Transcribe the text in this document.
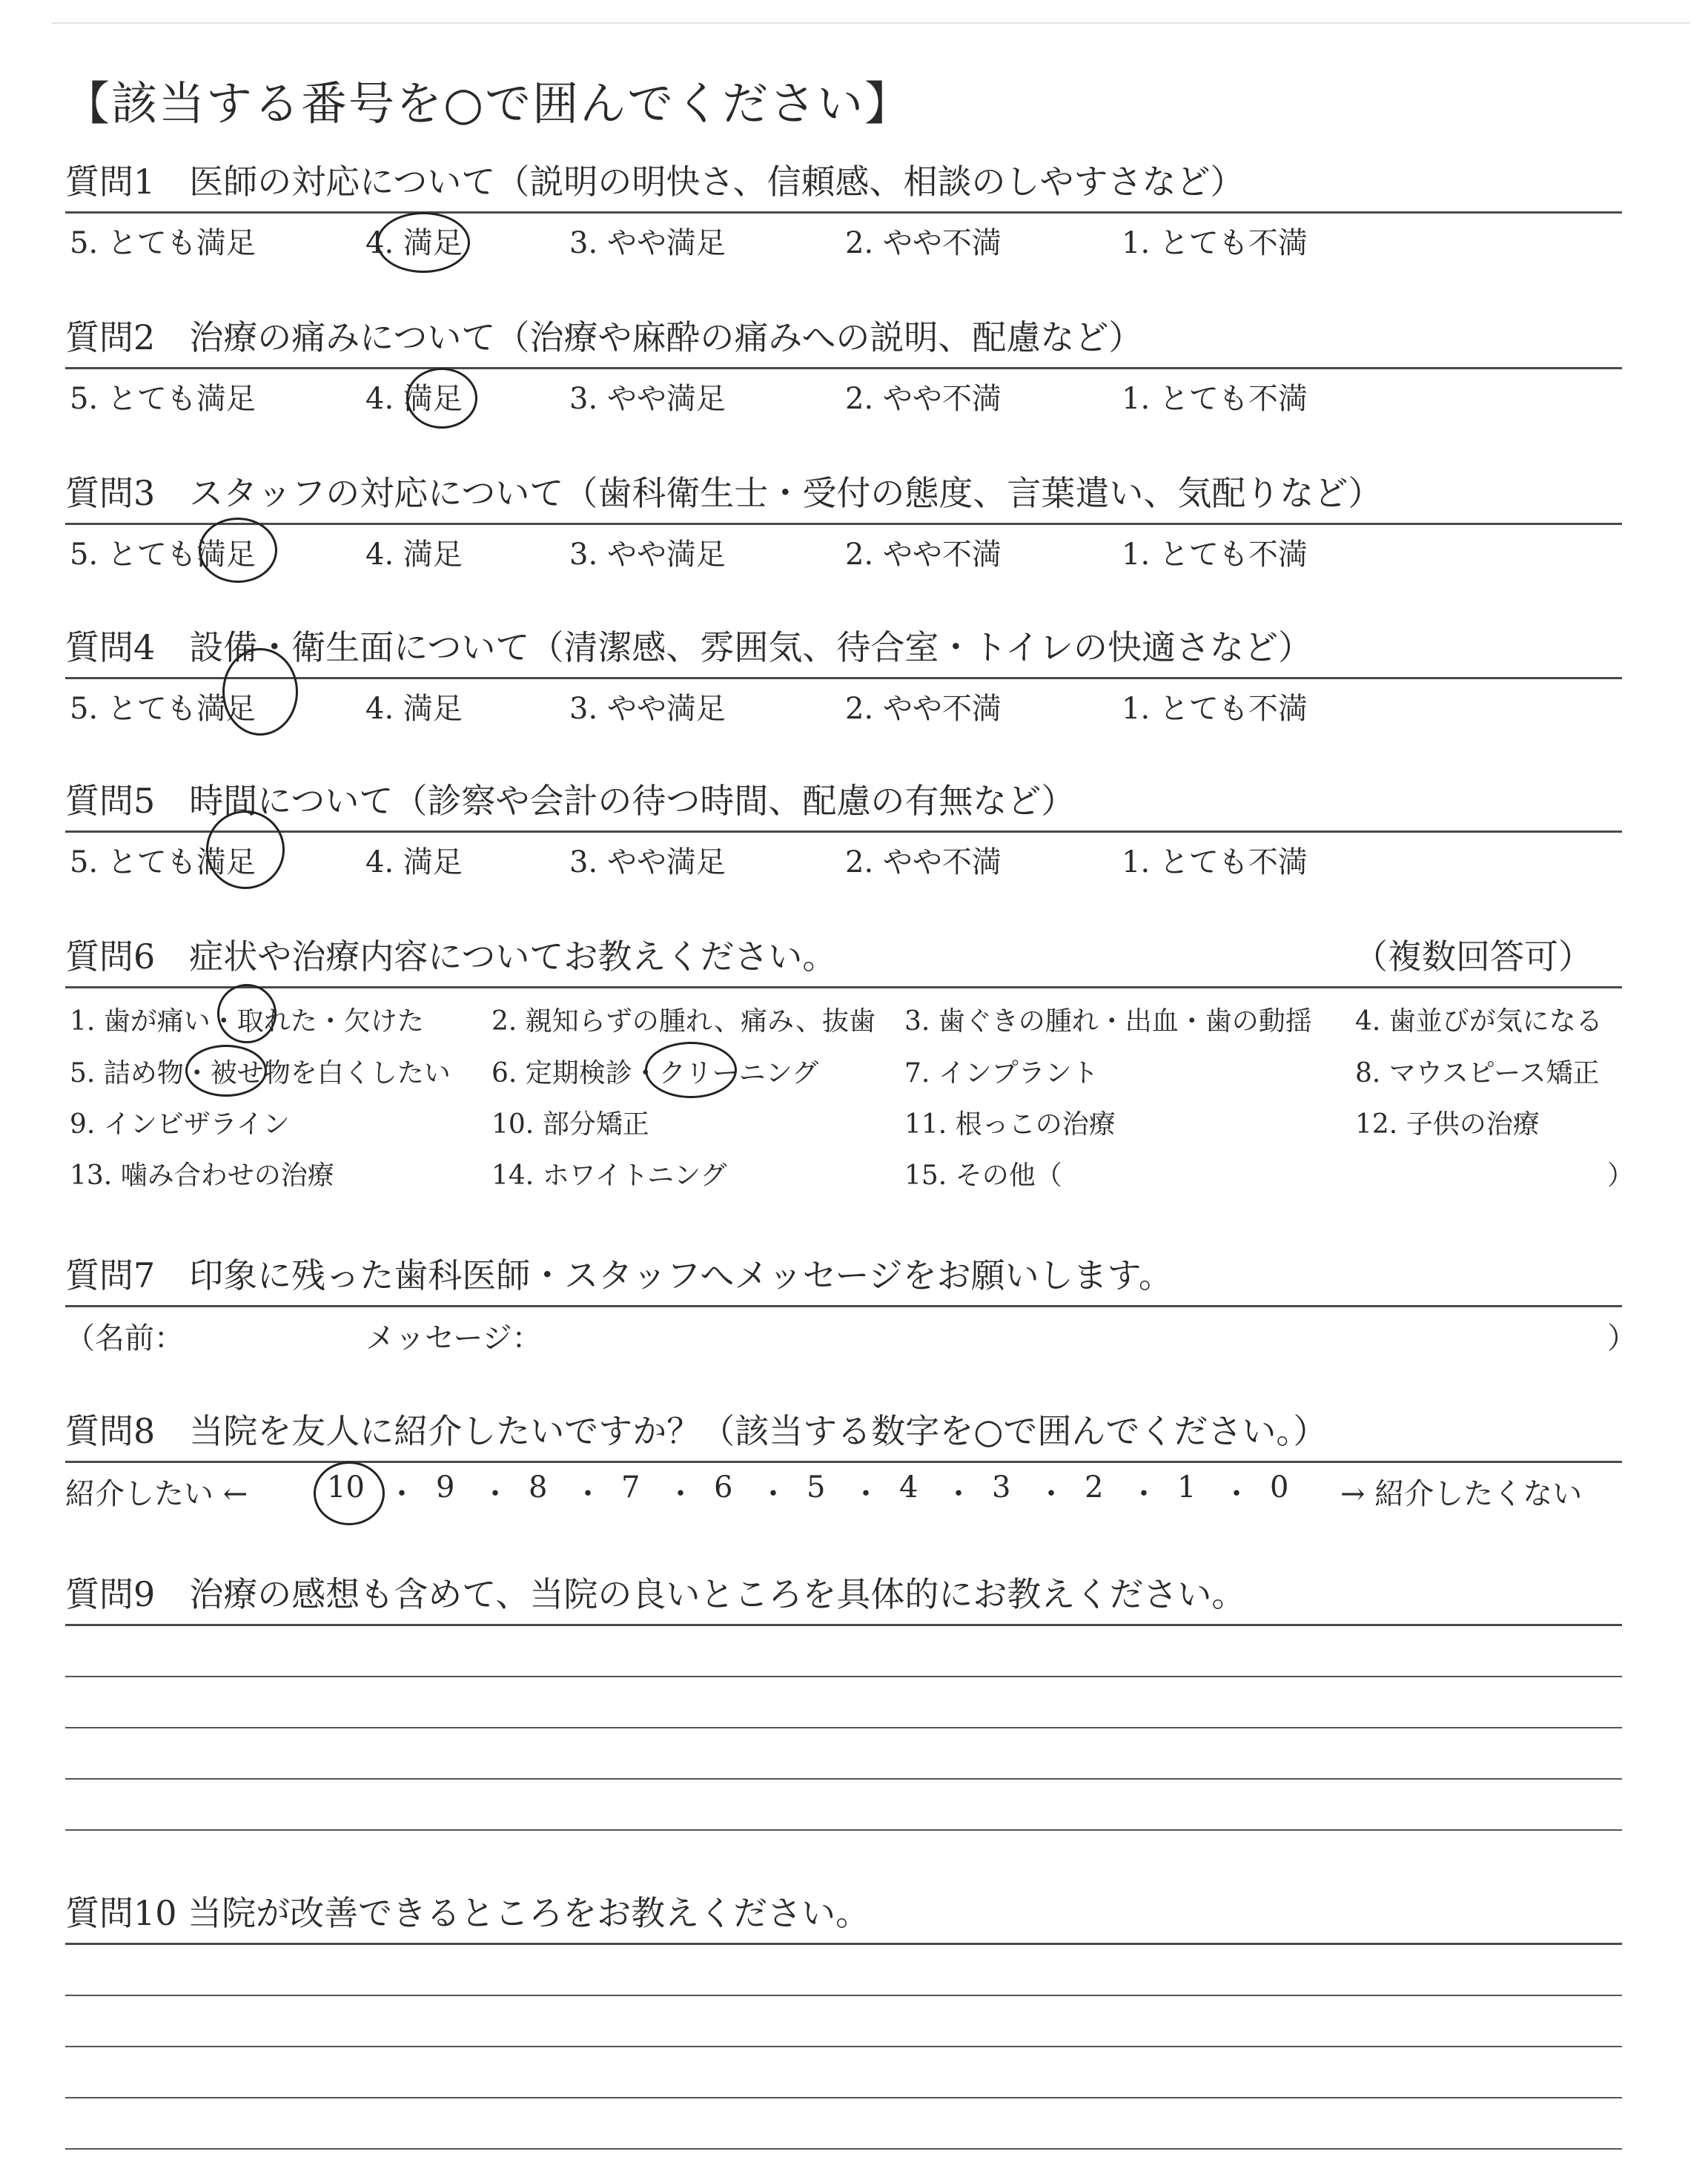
【該当する番号を○で囲んでください】
質問1　医師の対応について（説明の明快さ、信頼感、相談のしやすさなど）
5. とても満足	4. 満足	3. やや満足	2. やや不満	1. とても不満
質問2　治療の痛みについて（治療や麻酔の痛みへの説明、配慮など）
5. とても満足	4. 満足	3. やや満足	2. やや不満	1. とても不満
質問3　スタッフの対応について（歯科衛生士・受付の態度、言葉遣い、気配りなど）
5. とても満足	4. 満足	3. やや満足	2. やや不満	1. とても不満
質問4　設備・衛生面について（清潔感、雰囲気、待合室・トイレの快適さなど）
5. とても満足	4. 満足	3. やや満足	2. やや不満	1. とても不満
質問5　時間について（診察や会計の待つ時間、配慮の有無など）
5. とても満足	4. 満足	3. やや満足	2. やや不満	1. とても不満
質問6　症状や治療内容についてお教えください。	（複数回答可）
1. 歯が痛い・取れた・欠けた	2. 親知らずの腫れ、痛み、抜歯 3. 歯ぐきの腫れ・出血・歯の動揺 4. 歯並びが気になる
5. 詰め物・被せ物を白くしたい 6. 定期検診・クリーニング	7. インプラント	8. マウスピース矯正
9. インビザライン	10. 部分矯正	11. 根っこの治療	12. 子供の治療
13. 噛み合わせの治療	14. ホワイトニング	15. その他（	）
質問7　印象に残った歯科医師・スタッフへメッセージをお願いします。
（名前：	メッセージ：	）
質問8　当院を友人に紹介したいですか？（該当する数字を○で囲んでください。）
紹介したい ←	10 ・ 9 ・ 8 ・ 7 ・ 6 ・ 5 ・ 4 ・ 3 ・ 2 ・ 1 ・ 0 → 紹介したくない
質問9　治療の感想も含めて、当院の良いところを具体的にお教えください。
質問10 当院が改善できるところをお教えください。
